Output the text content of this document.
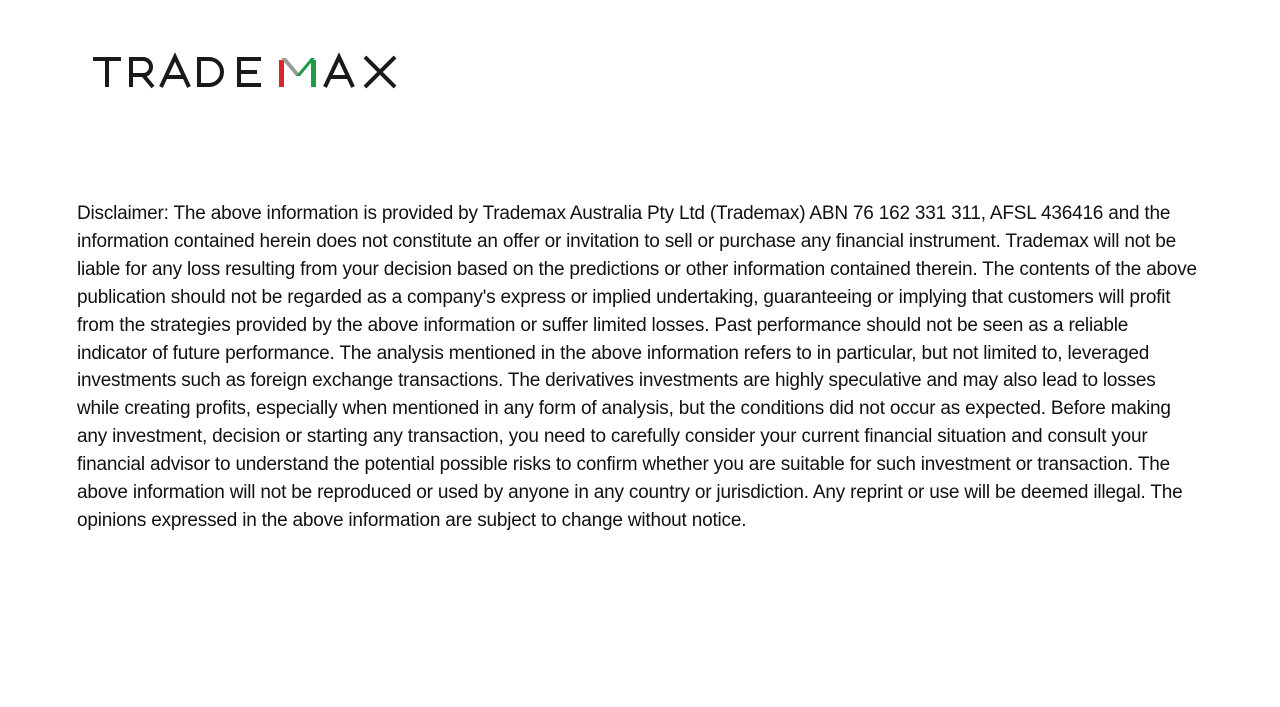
Disclaimer: The above information is provided by Trademax Australia Pty Ltd (Trademax) ABN 76 162 331 311, AFSL 436416 and the information contained herein does not constitute an offer or invitation to sell or purchase any financial instrument. Trademax will not be liable for any loss resulting from your decision based on the predictions or other information contained therein. The contents of the above publication should not be regarded as a company's express or implied undertaking, guaranteeing or implying that customers will profit from the strategies provided by the above information or suffer limited losses. Past performance should not be seen as a reliable indicator of future performance. The analysis mentioned in the above information refers to in particular, but not limited to, leveraged investments such as foreign exchange transactions. The derivatives investments are highly speculative and may also lead to losses while creating profits, especially when mentioned in any form of analysis, but the conditions did not occur as expected. Before making any investment, decision or starting any transaction, you need to carefully consider your current financial situation and consult your financial advisor to understand the potential possible risks to confirm whether you are suitable for such investment or transaction. The above information will not be reproduced or used by anyone in any country or jurisdiction. Any reprint or use will be deemed illegal. The opinions expressed in the above information are subject to change without notice.
